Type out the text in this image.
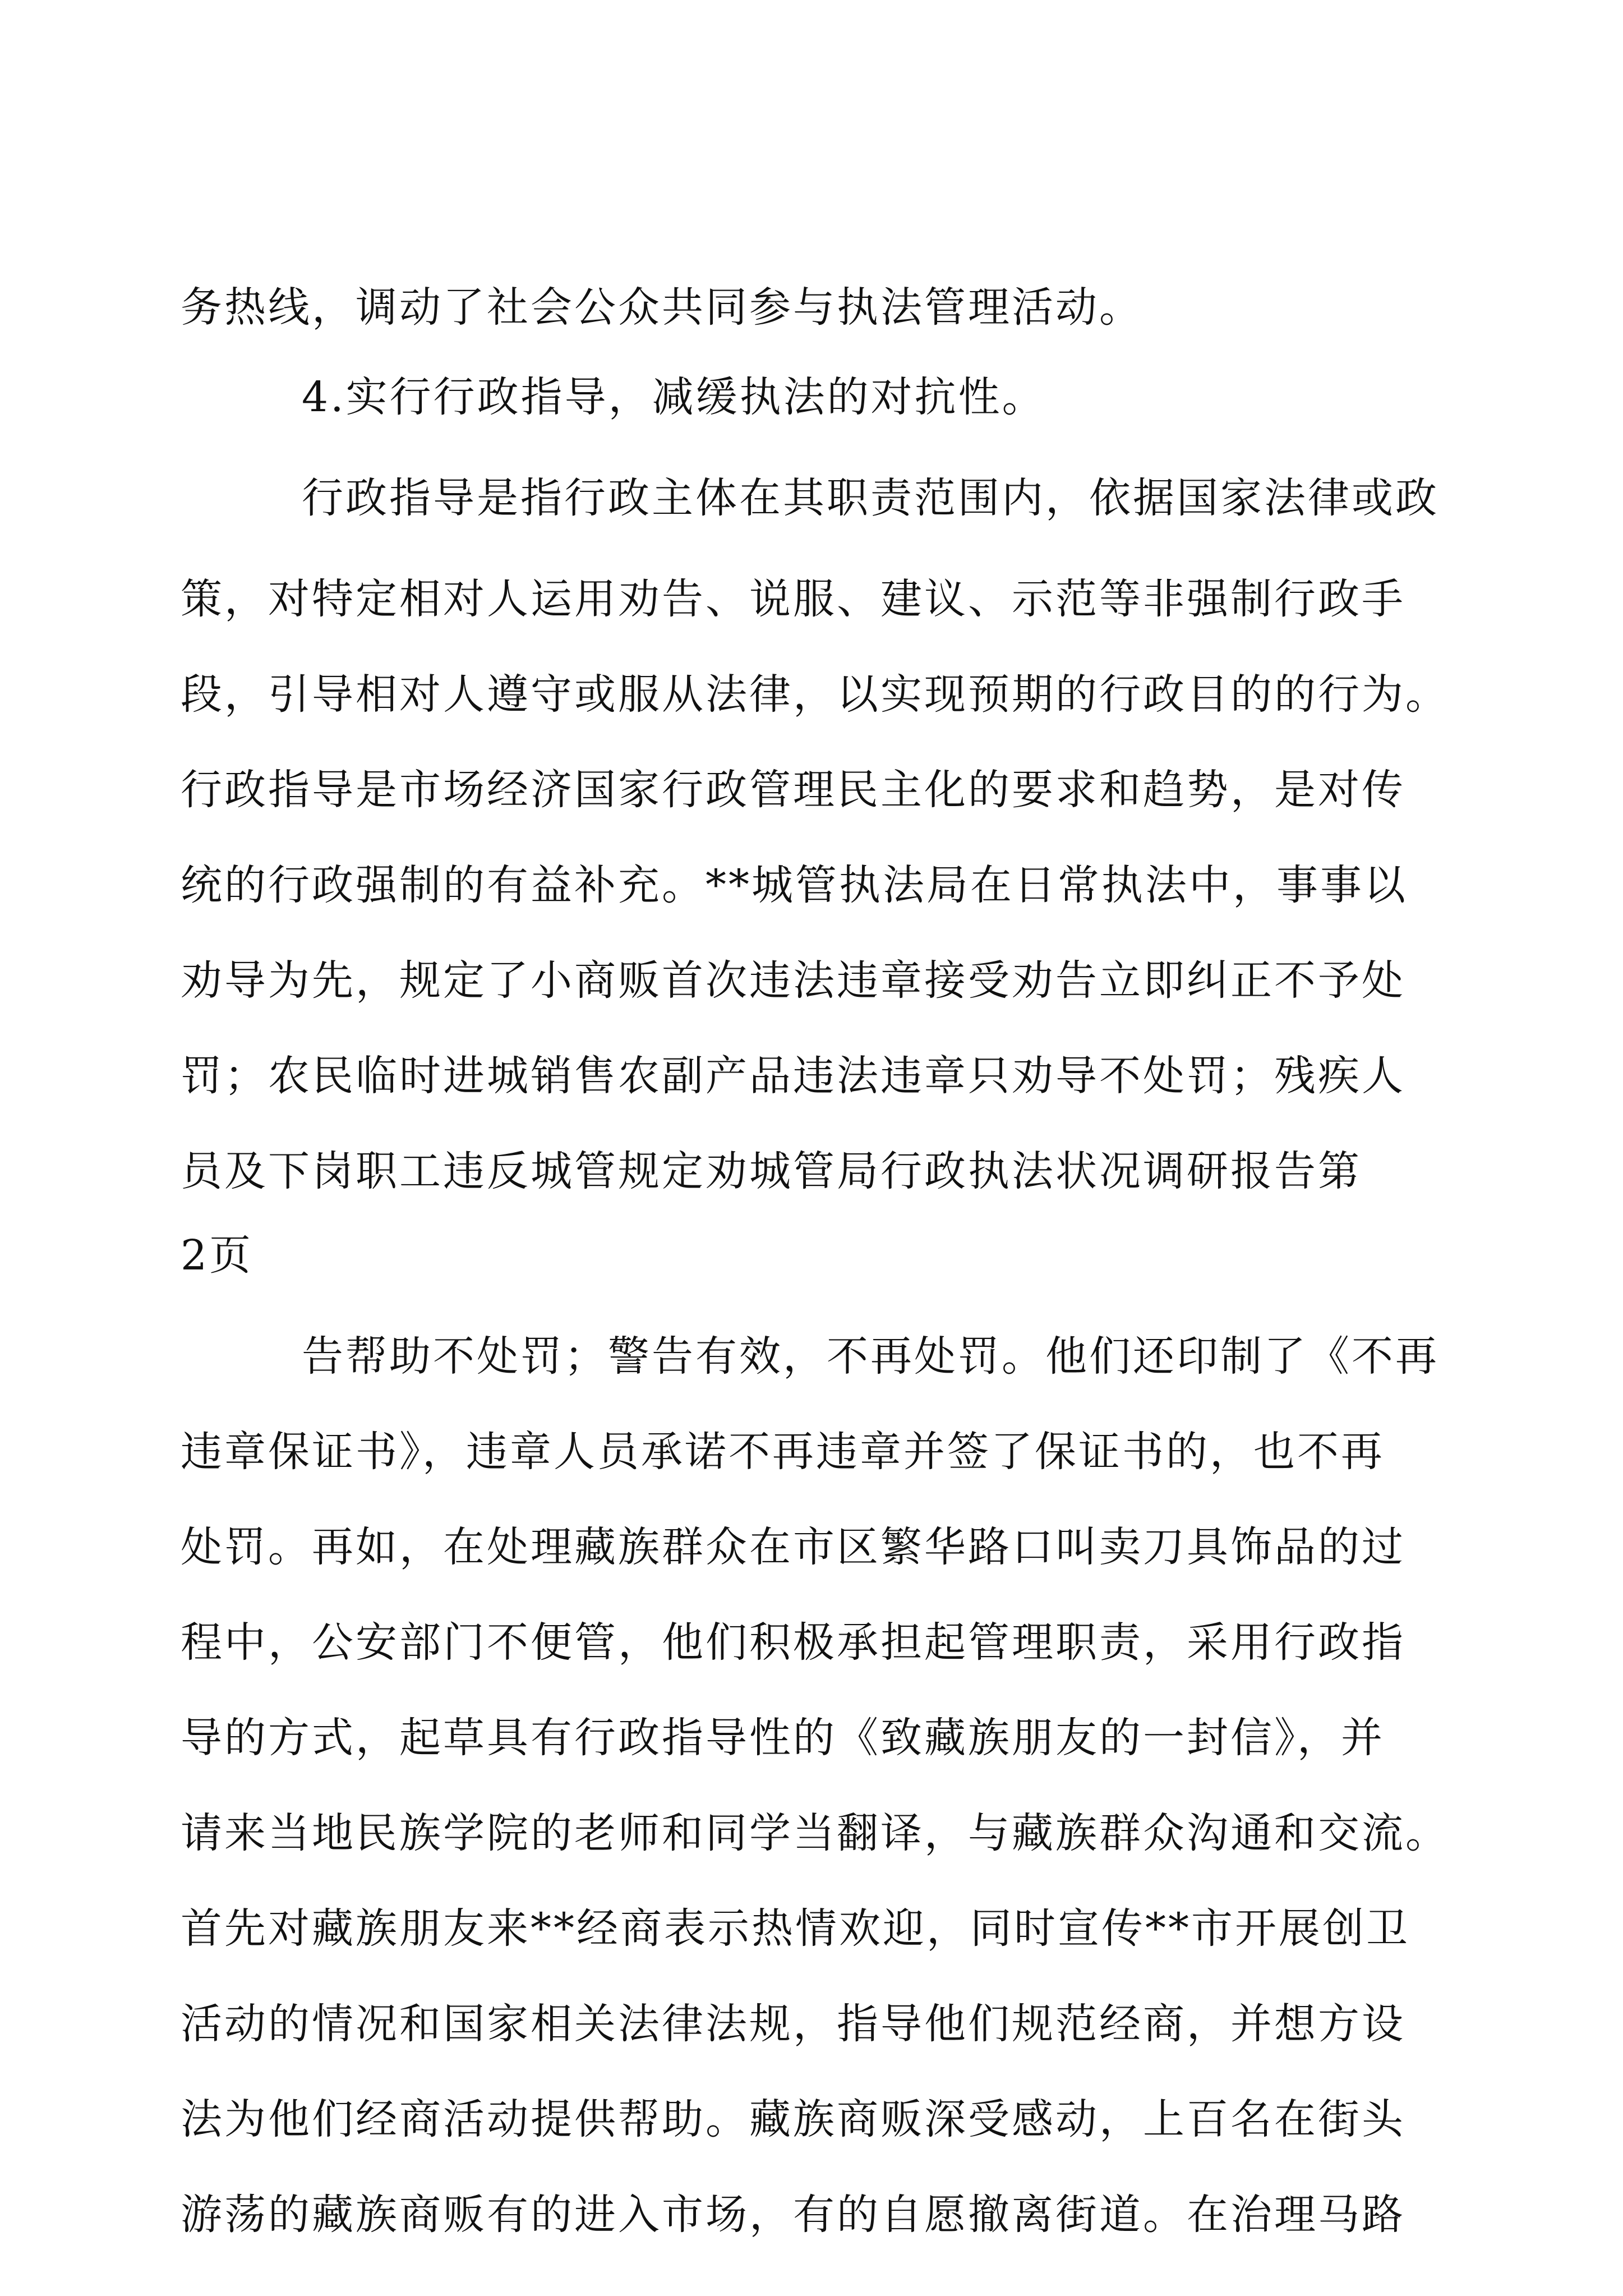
务热线，调动了社会公众共同参与执法管理活动。
4.实行行政指导，减缓执法的对抗性。
行政指导是指行政主体在其职责范围内，依据国家法律或政
策，对特定相对人运用劝告、说服、建议、示范等非强制行政手
段，引导相对人遵守或服从法律，以实现预期的行政目的的行为。
行政指导是市场经济国家行政管理民主化的要求和趋势，是对传
统的行政强制的有益补充。**城管执法局在日常执法中，事事以
劝导为先，规定了小商贩首次违法违章接受劝告立即纠正不予处
罚；农民临时进城销售农副产品违法违章只劝导不处罚；残疾人
员及下岗职工违反城管规定劝城管局行政执法状况调研报告第
2页
告帮助不处罚；警告有效，不再处罚。他们还印制了《不再
违章保证书》，违章人员承诺不再违章并签了保证书的，也不再
处罚。再如，在处理藏族群众在市区繁华路口叫卖刀具饰品的过
程中，公安部门不便管，他们积极承担起管理职责，采用行政指
导的方式，起草具有行政指导性的《致藏族朋友的一封信》，并
请来当地民族学院的老师和同学当翻译，与藏族群众沟通和交流。
首先对藏族朋友来**经商表示热情欢迎，同时宣传**市开展创卫
活动的情况和国家相关法律法规，指导他们规范经商，并想方设
法为他们经商活动提供帮助。藏族商贩深受感动，上百名在街头
游荡的藏族商贩有的进入市场，有的自愿撤离街道。在治理马路
